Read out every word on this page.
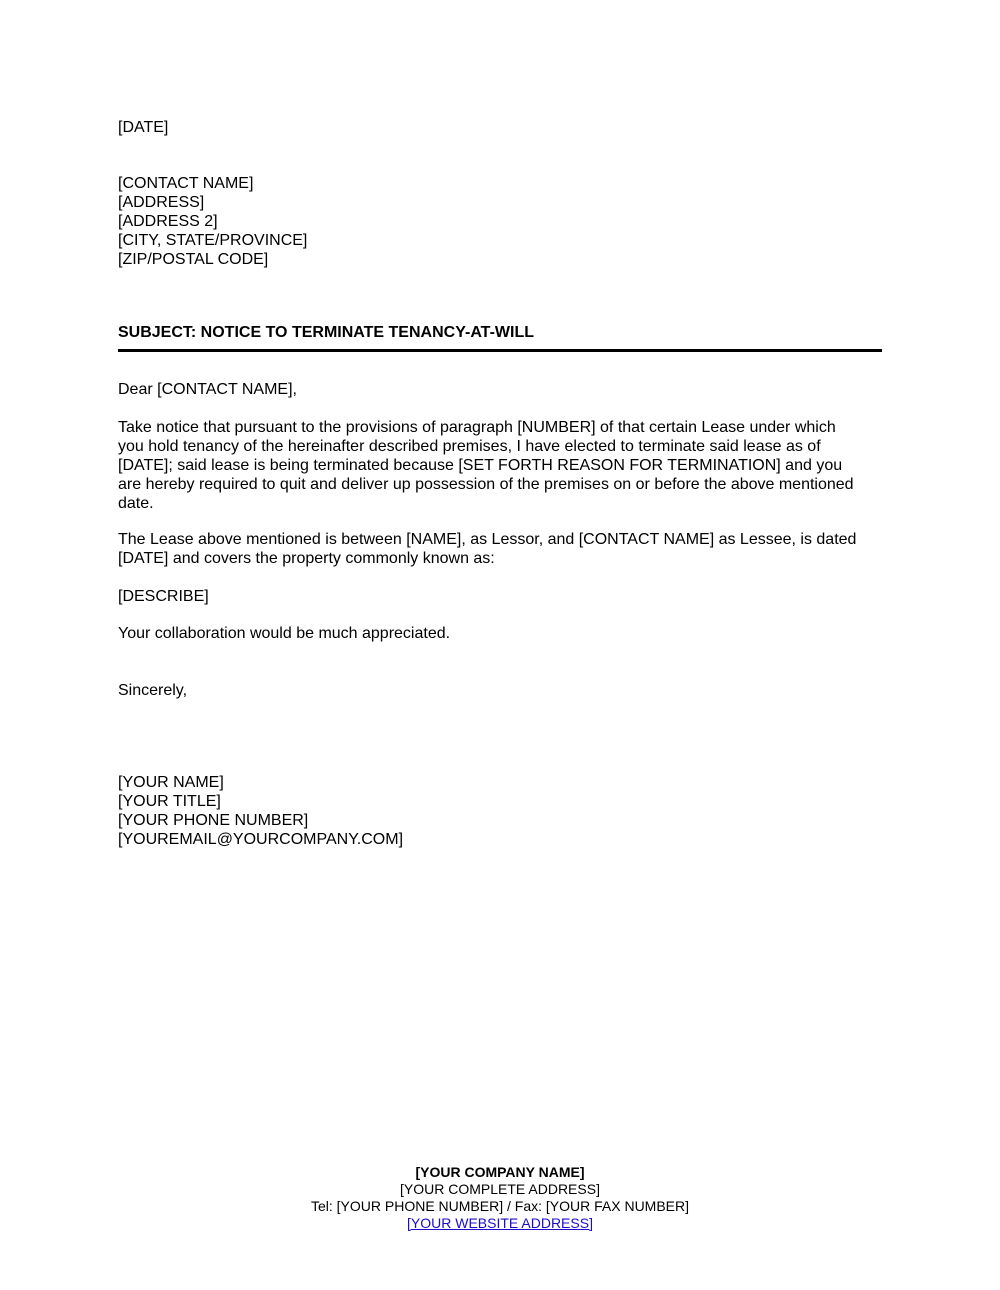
[DATE]
[CONTACT NAME]
[ADDRESS]
[ADDRESS 2]
[CITY, STATE/PROVINCE]
[ZIP/POSTAL CODE]
SUBJECT: NOTICE TO TERMINATE TENANCY-AT-WILL
Dear [CONTACT NAME],
Take notice that pursuant to the provisions of paragraph [NUMBER] of that certain Lease under which
you hold tenancy of the hereinafter described premises, I have elected to terminate said lease as of
[DATE]; said lease is being terminated because [SET FORTH REASON FOR TERMINATION] and you
are hereby required to quit and deliver up possession of the premises on or before the above mentioned
date.
The Lease above mentioned is between [NAME], as Lessor, and [CONTACT NAME] as Lessee, is dated
[DATE] and covers the property commonly known as:
[DESCRIBE]
Your collaboration would be much appreciated.
Sincerely,
[YOUR NAME]
[YOUR TITLE]
[YOUR PHONE NUMBER]
[YOUREMAIL@YOURCOMPANY.COM]
[YOUR COMPANY NAME]
[YOUR COMPLETE ADDRESS]
Tel: [YOUR PHONE NUMBER] / Fax: [YOUR FAX NUMBER]
[YOUR WEBSITE ADDRESS]
